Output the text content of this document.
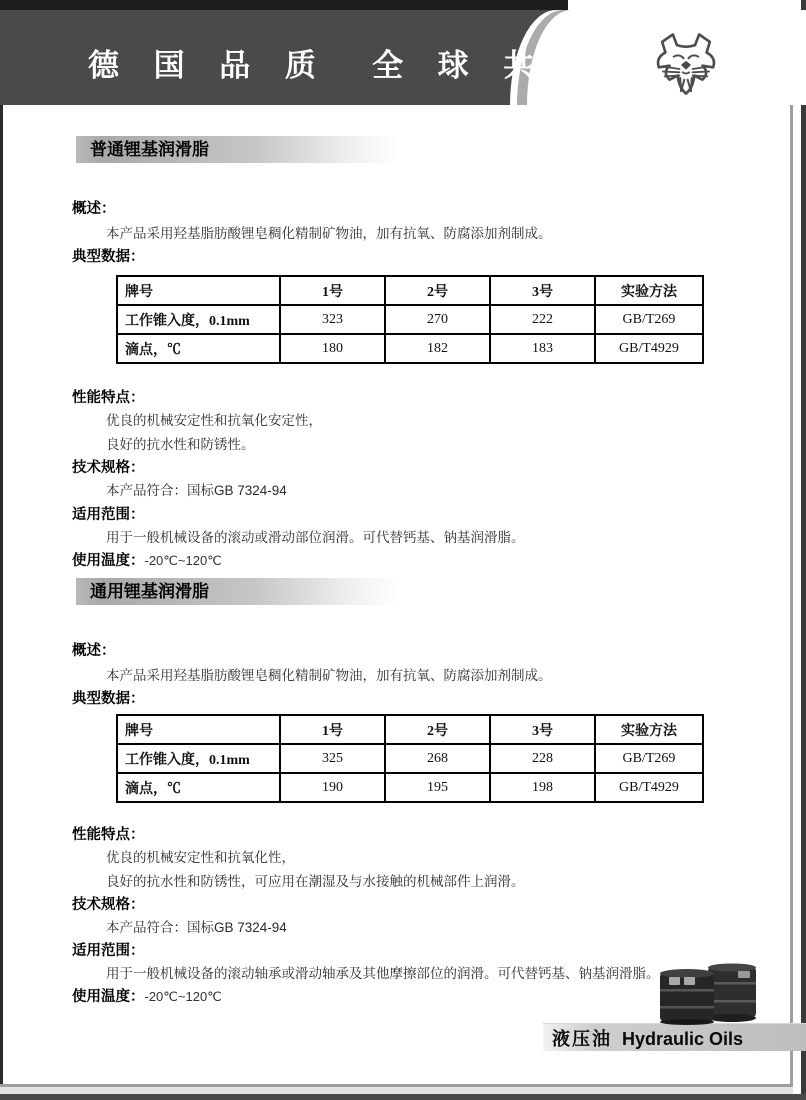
德 国 品 质  全 球 共 享
普通锂基润滑脂
概述：
本产品采用羟基脂肪酸锂皂稠化精制矿物油，加有抗氧、防腐添加剂制成。
典型数据：
牌号	1号	2号	3号	实验方法
工作锥入度，0.1mm	323	270	222	GB/T269
滴点，℃	180	182	183	GB/T4929
性能特点：
优良的机械安定性和抗氧化安定性，
良好的抗水性和防锈性。
技术规格：
本产品符合：国标GB 7324-94
适用范围：
用于一般机械设备的滚动或滑动部位润滑。可代替钙基、钠基润滑脂。
使用温度：-20℃~120℃
通用锂基润滑脂
概述：
本产品采用羟基脂肪酸锂皂稠化精制矿物油，加有抗氧、防腐添加剂制成。
典型数据：
牌号	1号	2号	3号	实验方法
工作锥入度，0.1mm	325	268	228	GB/T269
滴点，℃	190	195	198	GB/T4929
性能特点：
优良的机械安定性和抗氧化性，
良好的抗水性和防锈性，可应用在潮湿及与水接触的机械部件上润滑。
技术规格：
本产品符合：国标GB 7324-94
适用范围：
用于一般机械设备的滚动轴承或滑动轴承及其他摩擦部位的润滑。可代替钙基、钠基润滑脂。
使用温度：-20℃~120℃
液压油 Hydraulic Oils
